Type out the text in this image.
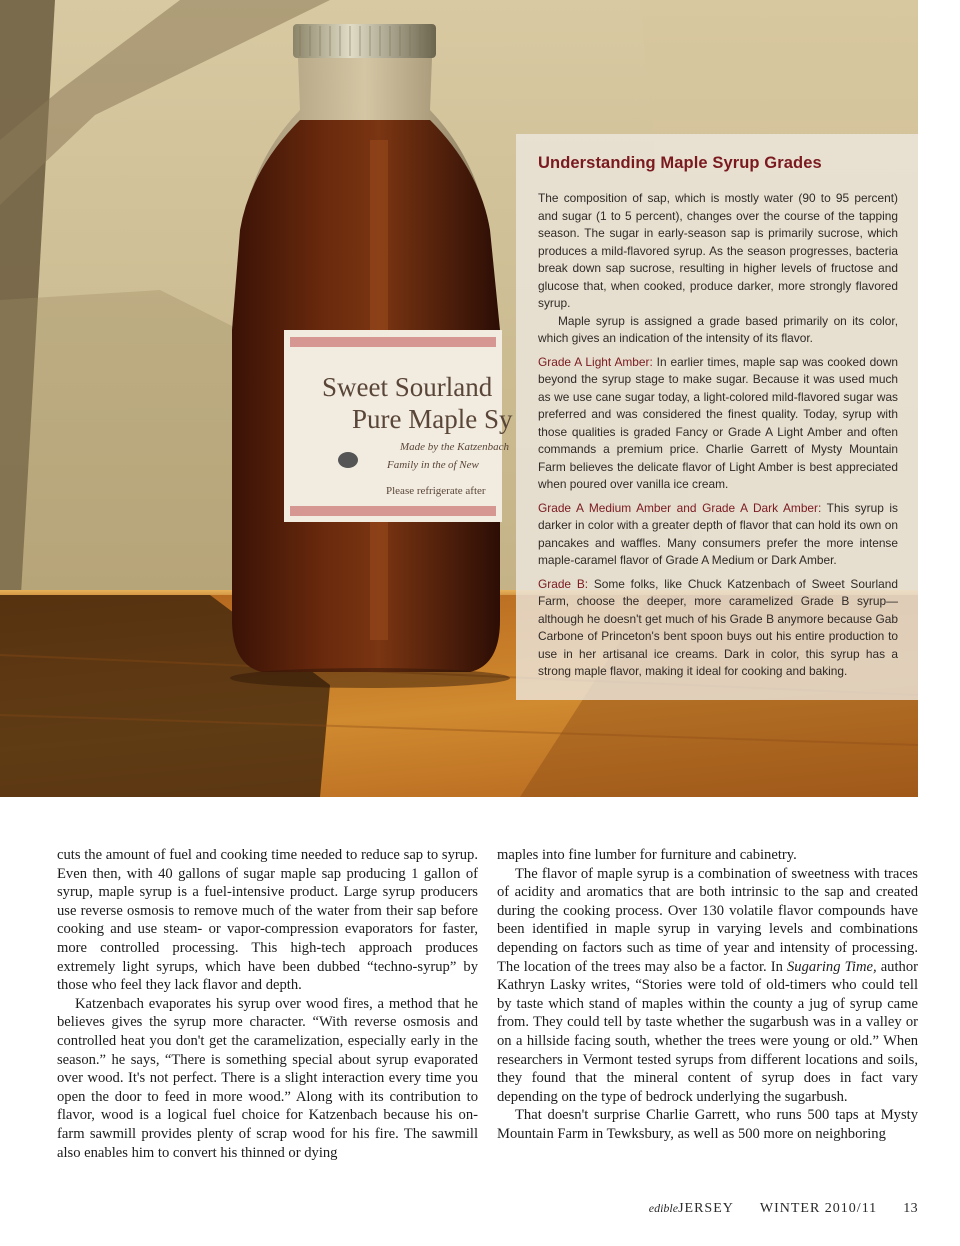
Sweet Sourland
Pure Maple Sy
Made by the Katzenbach
Family in the of New
Please refrigerate after
Understanding Maple Syrup Grades

The composition of sap, which is mostly water (90 to 95 percent) and sugar (1 to 5 percent), changes over the course of the tapping season. The sugar in early-season sap is primarily sucrose, which produces a mild-flavored syrup. As the season progresses, bacteria break down sap sucrose, resulting in higher levels of fructose and glucose that, when cooked, produce darker, more strongly flavored syrup.

Maple syrup is assigned a grade based primarily on its color, which gives an indication of the intensity of its flavor.

Grade A Light Amber: In earlier times, maple sap was cooked down beyond the syrup stage to make sugar. Because it was used much as we use cane sugar today, a light-colored mild-flavored sugar was preferred and was considered the finest quality. Today, syrup with those qualities is graded Fancy or Grade A Light Amber and often commands a premium price. Charlie Garrett of Mysty Mountain Farm believes the delicate flavor of Light Amber is best appreciated when poured over vanilla ice cream.

Grade A Medium Amber and Grade A Dark Amber: This syrup is darker in color with a greater depth of flavor that can hold its own on pancakes and waffles. Many consumers prefer the more intense maple-caramel flavor of Grade A Medium or Dark Amber.

Grade B: Some folks, like Chuck Katzenbach of Sweet Sourland Farm, choose the deeper, more caramelized Grade B syrup—although he doesn't get much of his Grade B anymore because Gab Carbone of Princeton's bent spoon buys out his entire production to use in her artisanal ice creams. Dark in color, this syrup has a strong maple flavor, making it ideal for cooking and baking.

cuts the amount of fuel and cooking time needed to reduce sap to syrup. Even then, with 40 gallons of sugar maple sap producing 1 gallon of syrup, maple syrup is a fuel-intensive product. Large syrup producers use reverse osmosis to remove much of the water from their sap before cooking and use steam- or vapor-compression evaporators for faster, more controlled processing. This high-tech approach produces extremely light syrups, which have been dubbed “techno-syrup” by those who feel they lack flavor and depth.

Katzenbach evaporates his syrup over wood fires, a method that he believes gives the syrup more character. “With reverse osmosis and controlled heat you don't get the caramelization, especially early in the season.” he says, “There is something special about syrup evaporated over wood. It's not perfect. There is a slight interaction every time you open the door to feed in more wood.” Along with its contribution to flavor, wood is a logical fuel choice for Katzenbach because his on-farm sawmill provides plenty of scrap wood for his fire. The sawmill also enables him to convert his thinned or dying

maples into fine lumber for furniture and cabinetry.

The flavor of maple syrup is a combination of sweetness with traces of acidity and aromatics that are both intrinsic to the sap and created during the cooking process. Over 130 volatile flavor compounds have been identified in maple syrup in varying levels and combinations depending on factors such as time of year and intensity of processing. The location of the trees may also be a factor. In Sugaring Time, author Kathryn Lasky writes, “Stories were told of old-timers who could tell by taste which stand of maples within the county a jug of syrup came from. They could tell by taste whether the sugarbush was in a valley or on a hillside facing south, whether the trees were young or old.” When researchers in Vermont tested syrups from different locations and soils, they found that the mineral content of syrup does in fact vary depending on the type of bedrock underlying the sugarbush.

That doesn't surprise Charlie Garrett, who runs 500 taps at Mysty Mountain Farm in Tewksbury, as well as 500 more on neighboring

edible JERSEY WINTER 2010/11 13
